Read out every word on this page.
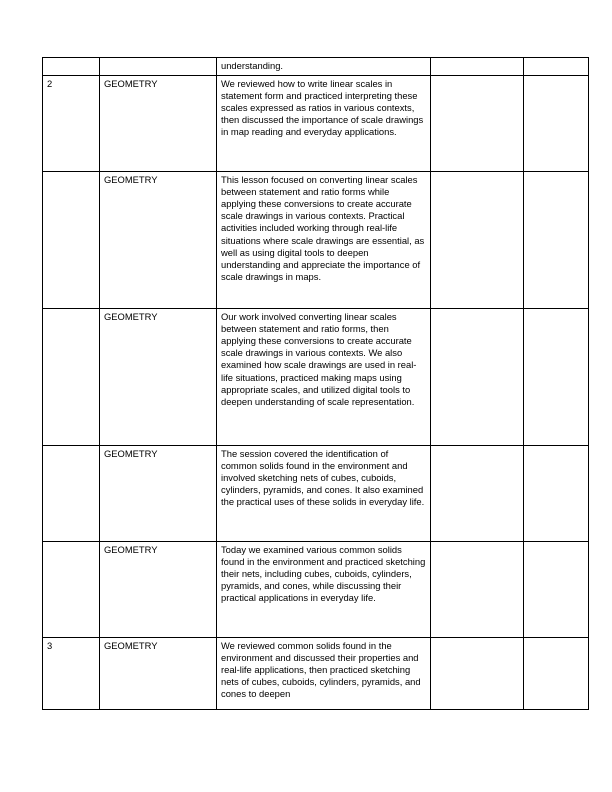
		understanding.		
2	GEOMETRY	We reviewed how to write linear scales in statement form and practiced interpreting these scales expressed as ratios in various contexts, then discussed the importance of scale drawings in map reading and everyday applications.		
	GEOMETRY	This lesson focused on converting linear scales between statement and ratio forms while applying these conversions to create accurate scale drawings in various contexts. Practical activities included working through real-life situations where scale drawings are essential, as well as using digital tools to deepen understanding and appreciate the importance of scale drawings in maps.		
	GEOMETRY	Our work involved converting linear scales between statement and ratio forms, then applying these conversions to create accurate scale drawings in various contexts. We also examined how scale drawings are used in real-life situations, practiced making maps using appropriate scales, and utilized digital tools to deepen understanding of scale representation.		
	GEOMETRY	The session covered the identification of common solids found in the environment and involved sketching nets of cubes, cuboids, cylinders, pyramids, and cones. It also examined the practical uses of these solids in everyday life.		
	GEOMETRY	Today we examined various common solids found in the environment and practiced sketching their nets, including cubes, cuboids, cylinders, pyramids, and cones, while discussing their practical applications in everyday life.		
3	GEOMETRY	We reviewed common solids found in the environment and discussed their properties and real-life applications, then practiced sketching nets of cubes, cuboids, cylinders, pyramids, and cones to deepen		
